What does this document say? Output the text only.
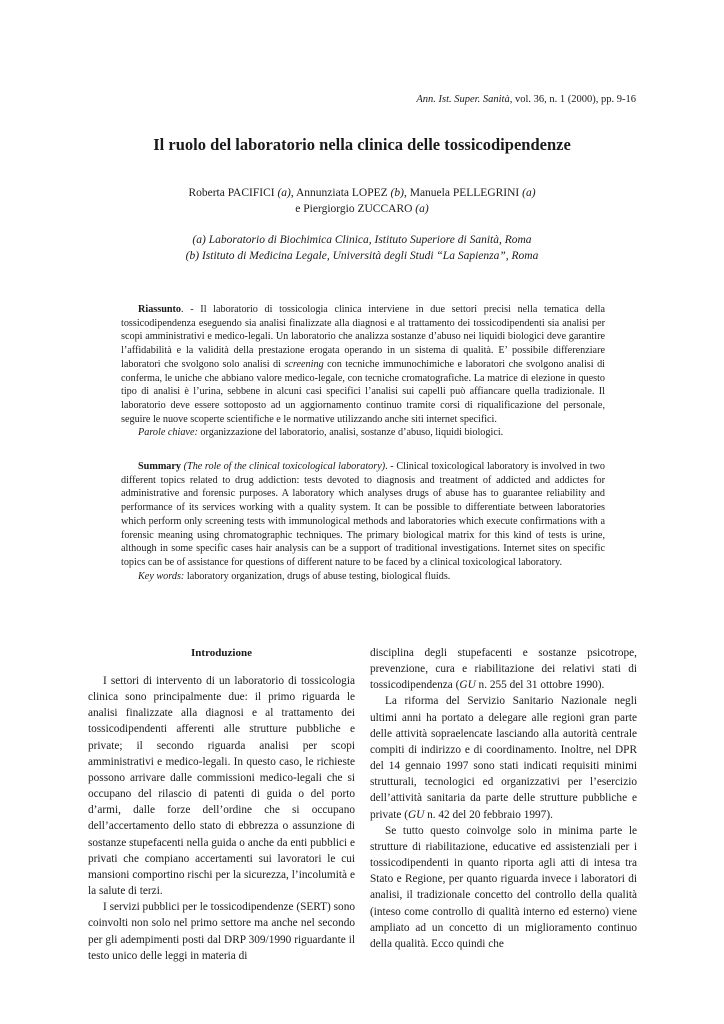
Ann. Ist. Super. Sanità, vol. 36, n. 1 (2000), pp. 9-16
Il ruolo del laboratorio nella clinica delle tossicodipendenze
Roberta PACIFICI (a), Annunziata LOPEZ (b), Manuela PELLEGRINI (a)
e Piergiorgio ZUCCARO (a)
(a) Laboratorio di Biochimica Clinica, Istituto Superiore di Sanità, Roma
(b) Istituto di Medicina Legale, Università degli Studi “La Sapienza”, Roma

Riassunto. - Il laboratorio di tossicologia clinica interviene in due settori precisi nella tematica della tossicodipendenza eseguendo sia analisi finalizzate alla diagnosi e al trattamento dei tossicodipendenti sia analisi per scopi amministrativi e medico-legali. Un laboratorio che analizza sostanze d’abuso nei liquidi biologici deve garantire l’affidabilità e la validità della prestazione erogata operando in un sistema di qualità. E’ possibile differenziare laboratori che svolgono solo analisi di screening con tecniche immunochimiche e laboratori che svolgono analisi di conferma, le uniche che abbiano valore medico-legale, con tecniche cromatografiche. La matrice di elezione in questo tipo di analisi è l’urina, sebbene in alcuni casi specifici l’analisi sui capelli può affiancare quella tradizionale. Il laboratorio deve essere sottoposto ad un aggiornamento continuo tramite corsi di riqualificazione del personale, seguire le nuove scoperte scientifiche e le normative utilizzando anche siti internet specifici.

Parole chiave: organizzazione del laboratorio, analisi, sostanze d’abuso, liquidi biologici.

Summary (The role of the clinical toxicological laboratory). - Clinical toxicological laboratory is involved in two different topics related to drug addiction: tests devoted to diagnosis and treatment of addicted and addictes for administrative and forensic purposes. A laboratory which analyses drugs of abuse has to guarantee reliability and performance of its services working with a quality system. It can be possible to differentiate between laboratories which perform only screening tests with immunological methods and laboratories which execute confirmations with a forensic meaning using chromatographic techniques. The primary biological matrix for this kind of tests is urine, although in some specific cases hair analysis can be a support of traditional investigations. Internet sites on specific topics can be of assistance for questions of different nature to be faced by a clinical toxicological laboratory.

Key words: laboratory organization, drugs of abuse testing, biological fluids.

Introduzione

I settori di intervento di un laboratorio di tossicologia clinica sono principalmente due: il primo riguarda le analisi finalizzate alla diagnosi e al trattamento dei tossicodipendenti afferenti alle strutture pubbliche e private; il secondo riguarda analisi per scopi amministrativi e medico-legali. In questo caso, le richieste possono arrivare dalle commissioni medico-legali che si occupano del rilascio di patenti di guida o del porto d’armi, dalle forze dell’ordine che si occupano dell’accertamento dello stato di ebbrezza o assunzione di sostanze stupefacenti nella guida o anche da enti pubblici e privati che compiano accertamenti sui lavoratori le cui mansioni comportino rischi per la sicurezza, l’incolumità e la salute di terzi.

I servizi pubblici per le tossicodipendenze (SERT) sono coinvolti non solo nel primo settore ma anche nel secondo per gli adempimenti posti dal DRP 309/1990 riguardante il testo unico delle leggi in materia di

disciplina degli stupefacenti e sostanze psicotrope, prevenzione, cura e riabilitazione dei relativi stati di tossicodipendenza (GU n. 255 del 31 ottobre 1990).

La riforma del Servizio Sanitario Nazionale negli ultimi anni ha portato a delegare alle regioni gran parte delle attività sopraelencate lasciando alla autorità centrale compiti di indirizzo e di coordinamento. Inoltre, nel DPR del 14 gennaio 1997 sono stati indicati requisiti minimi strutturali, tecnologici ed organizzativi per l’esercizio dell’attività sanitaria da parte delle strutture pubbliche e private (GU n. 42 del 20 febbraio 1997).

Se tutto questo coinvolge solo in minima parte le strutture di riabilitazione, educative ed assistenziali per i tossicodipendenti in quanto riporta agli atti di intesa tra Stato e Regione, per quanto riguarda invece i laboratori di analisi, il tradizionale concetto del controllo della qualità (inteso come controllo di qualità interno ed esterno) viene ampliato ad un concetto di un miglioramento continuo della qualità. Ecco quindi che
